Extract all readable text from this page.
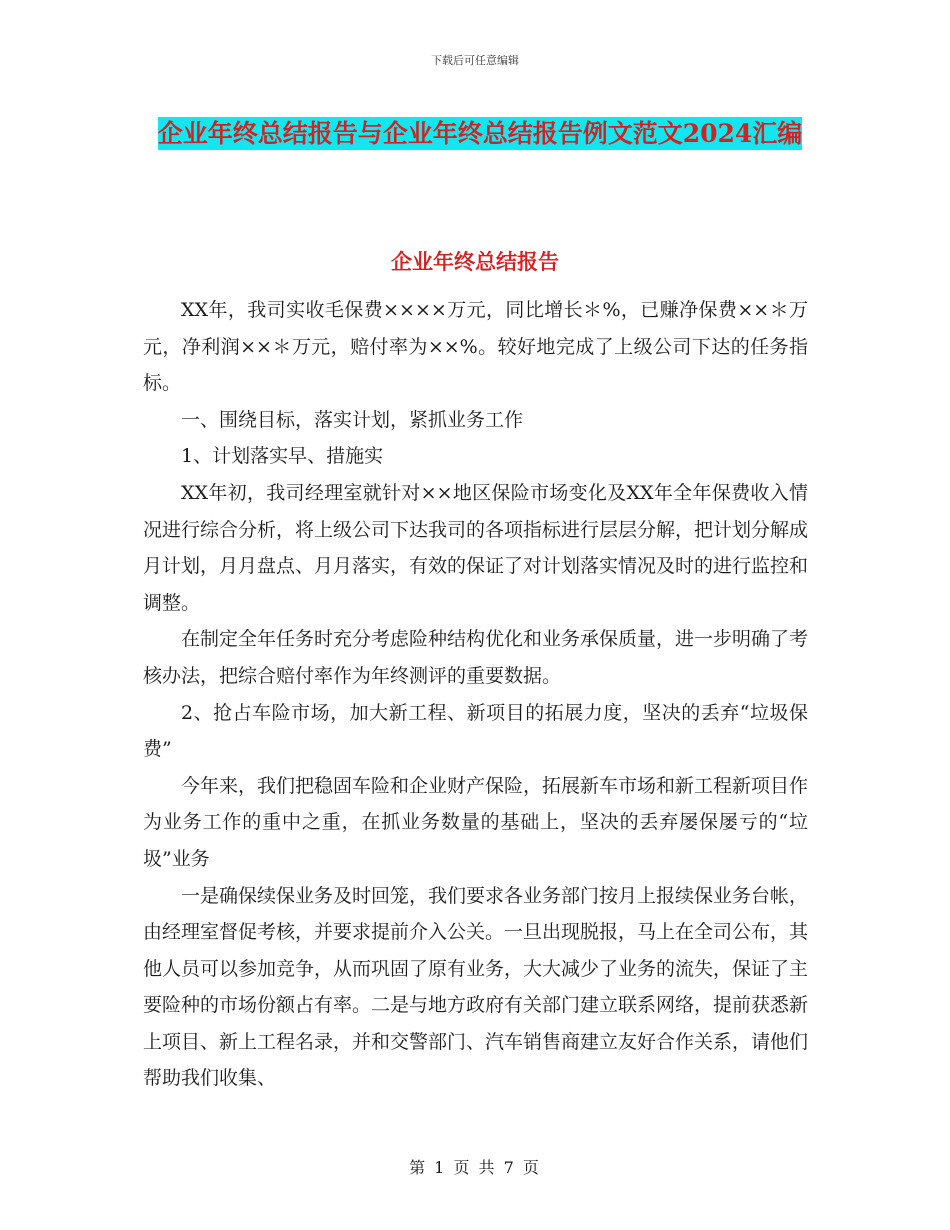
下载后可任意编辑
企业年终总结报告与企业年终总结报告例文范文2024汇编
企业年终总结报告

XX年，我司实收毛保费××××万元，同比增长＊%，已赚净保费××＊万元，净利润××＊万元，赔付率为××%。较好地完成了上级公司下达的任务指标。

一、围绕目标，落实计划，紧抓业务工作

1、计划落实早、措施实

XX年初，我司经理室就针对××地区保险市场变化及XX年全年保费收入情况进行综合分析，将上级公司下达我司的各项指标进行层层分解，把计划分解成月计划，月月盘点、月月落实，有效的保证了对计划落实情况及时的进行监控和调整。

在制定全年任务时充分考虑险种结构优化和业务承保质量，进一步明确了考核办法，把综合赔付率作为年终测评的重要数据。

2、抢占车险市场，加大新工程、新项目的拓展力度，坚决的丢弃“垃圾保费”

今年来，我们把稳固车险和企业财产保险，拓展新车市场和新工程新项目作为业务工作的重中之重，在抓业务数量的基础上，坚决的丢弃屡保屡亏的“垃圾”业务

一是确保续保业务及时回笼，我们要求各业务部门按月上报续保业务台帐，由经理室督促考核，并要求提前介入公关。一旦出现脱报，马上在全司公布，其他人员可以参加竞争，从而巩固了原有业务，大大减少了业务的流失，保证了主要险种的市场份额占有率。二是与地方政府有关部门建立联系网络，提前获悉新上项目、新上工程名录，并和交警部门、汽车销售商建立友好合作关系，请他们帮助我们收集、

第 1 页 共 7 页
